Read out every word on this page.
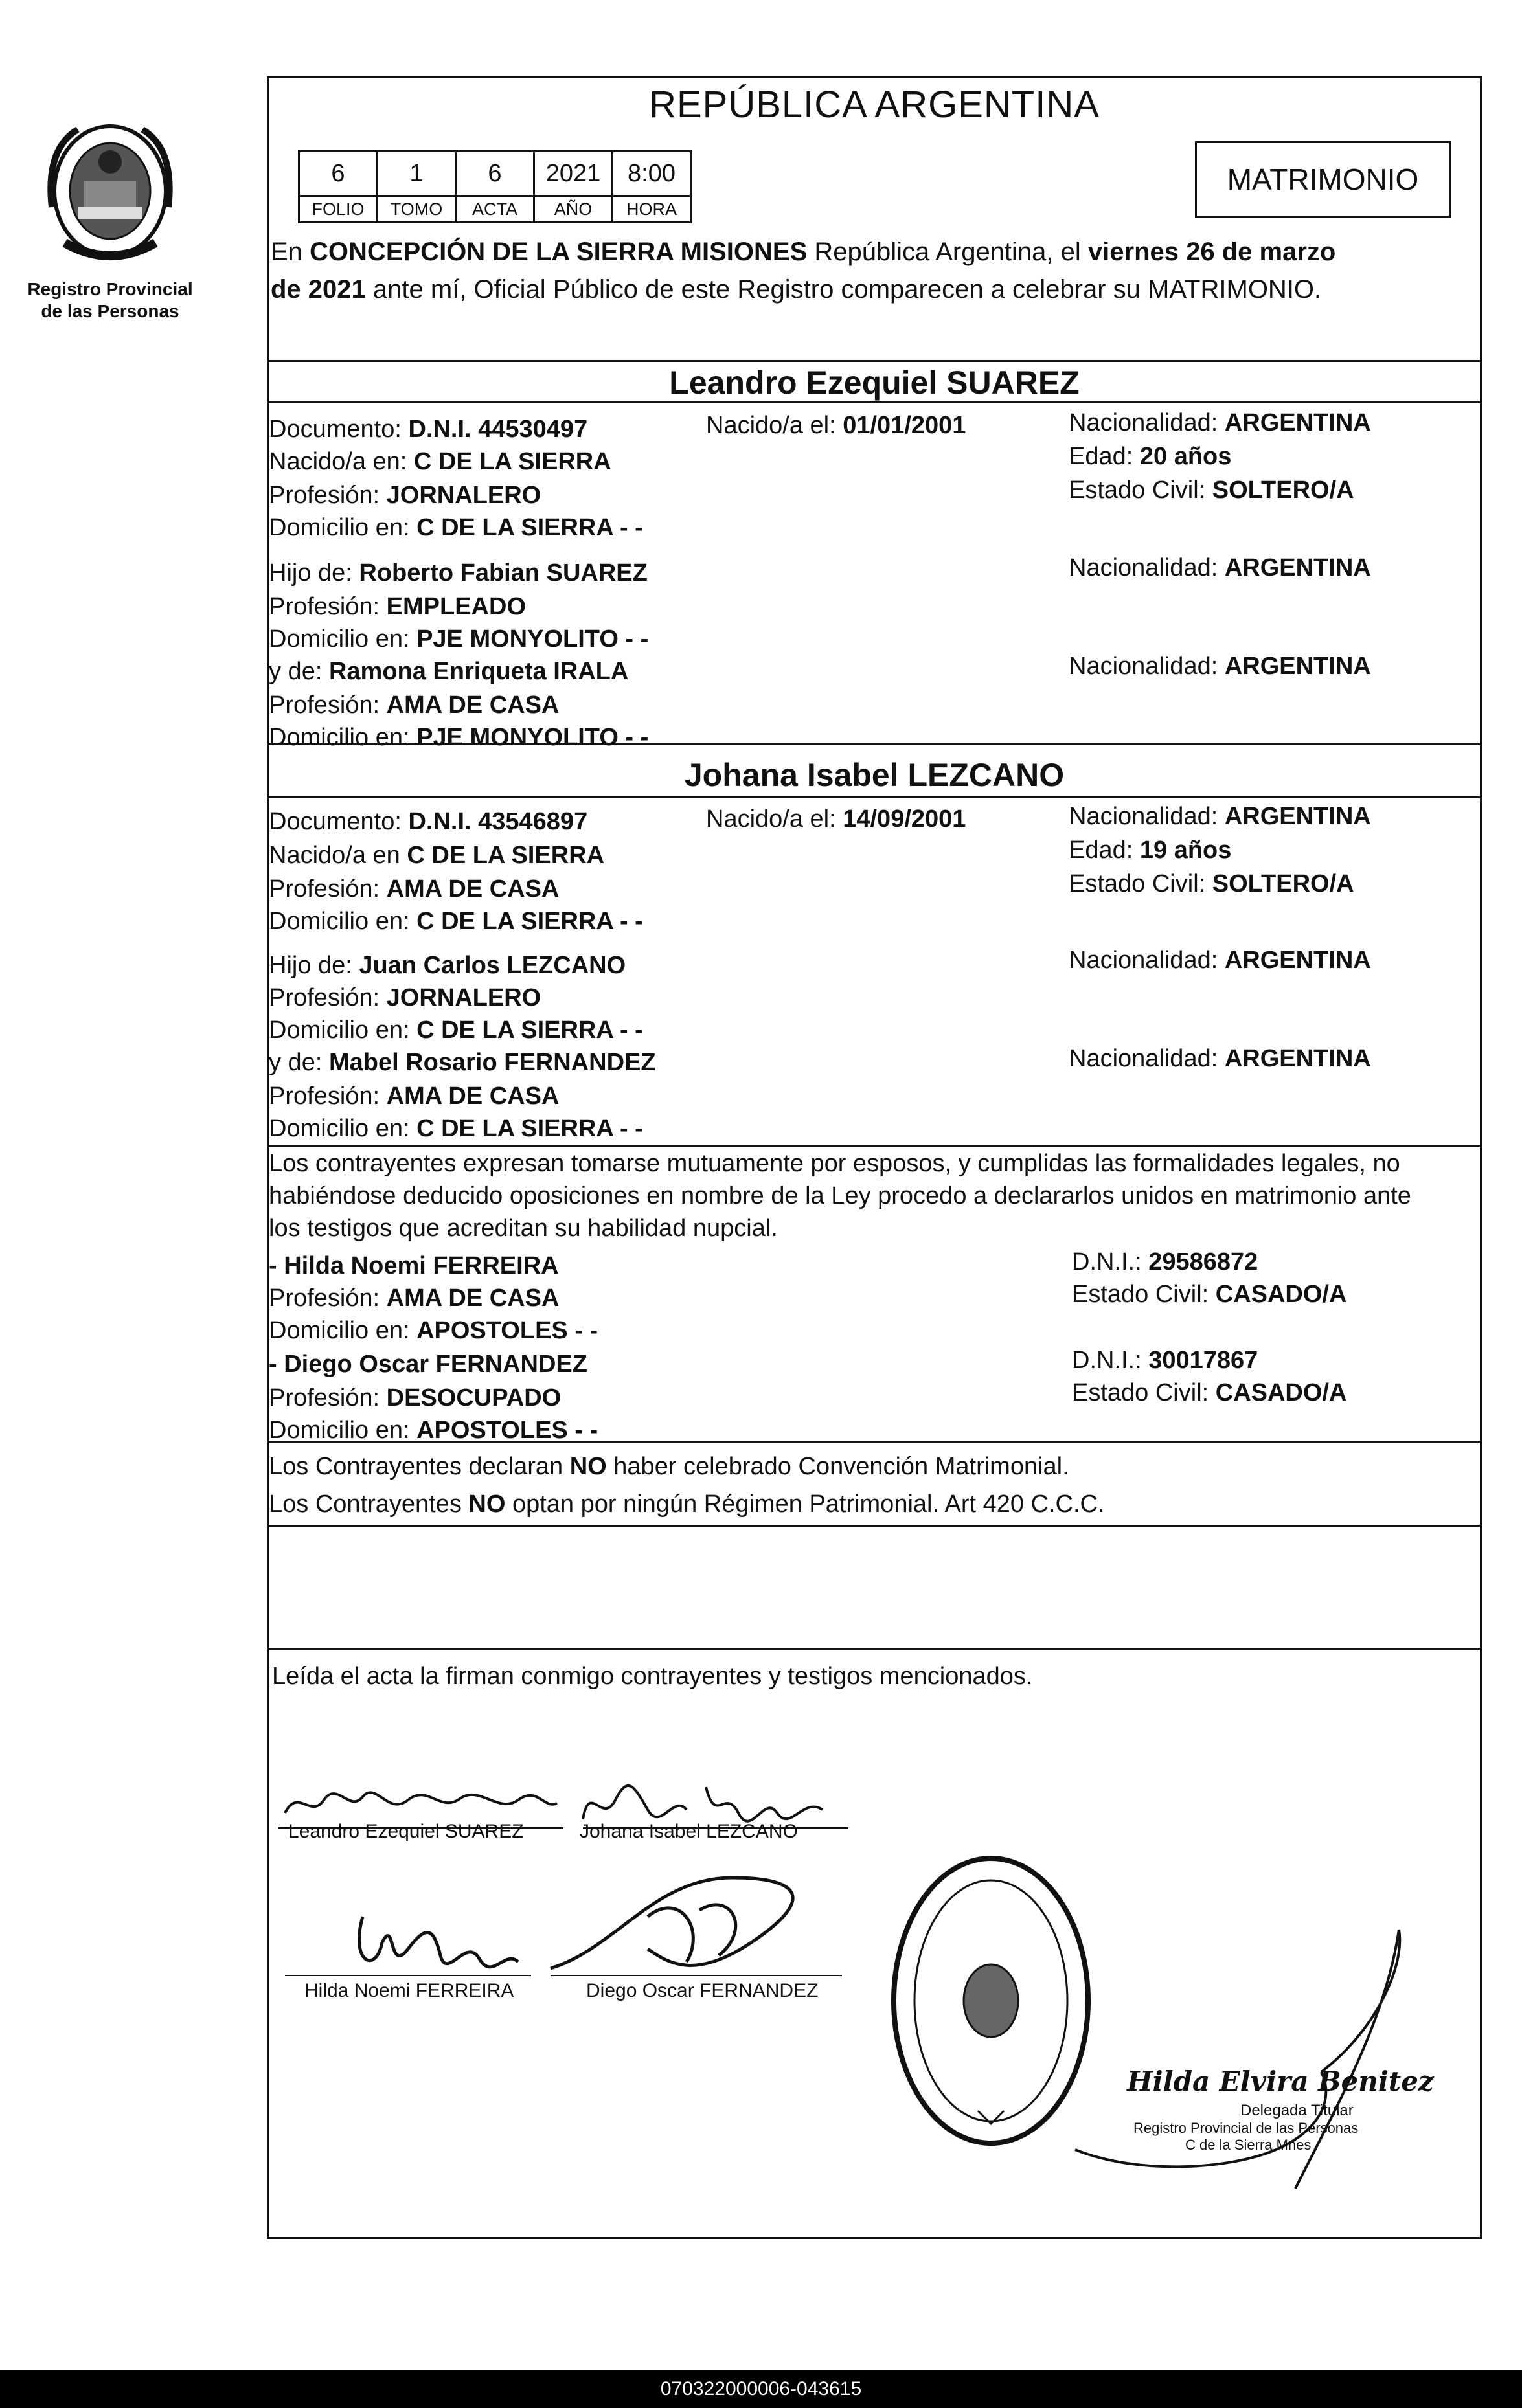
Registro Provincial
de las Personas
REPÚBLICA ARGENTINA
6	1	6	2021	8:00
FOLIO	TOMO	ACTA	AÑO	HORA
MATRIMONIO
En CONCEPCIÓN DE LA SIERRA MISIONES República Argentina, el viernes 26 de marzo
de 2021 ante mí, Oficial Público de este Registro comparecen a celebrar su MATRIMONIO.
Leandro Ezequiel SUAREZ
Documento: D.N.I. 44530497	Nacido/a el: 01/01/2001	Nacionalidad: ARGENTINA
Nacido/a en: C DE LA SIERRA	Edad: 20 años
Profesión: JORNALERO	Estado Civil: SOLTERO/A
Domicilio en: C DE LA SIERRA - -
Hijo de: Roberto Fabian SUAREZ	Nacionalidad: ARGENTINA
Profesión: EMPLEADO
Domicilio en: PJE MONYOLITO - -
y de: Ramona Enriqueta IRALA	Nacionalidad: ARGENTINA
Profesión: AMA DE CASA
Domicilio en: PJE MONYOLITO - -
Johana Isabel LEZCANO
Documento: D.N.I. 43546897	Nacido/a el: 14/09/2001	Nacionalidad: ARGENTINA
Nacido/a en C DE LA SIERRA	Edad: 19 años
Profesión: AMA DE CASA	Estado Civil: SOLTERO/A
Domicilio en: C DE LA SIERRA - -
Hijo de: Juan Carlos LEZCANO	Nacionalidad: ARGENTINA
Profesión: JORNALERO
Domicilio en: C DE LA SIERRA - -
y de: Mabel Rosario FERNANDEZ	Nacionalidad: ARGENTINA
Profesión: AMA DE CASA
Domicilio en: C DE LA SIERRA - -
Los contrayentes expresan tomarse mutuamente por esposos, y cumplidas las formalidades legales, no
habiéndose deducido oposiciones en nombre de la Ley procedo a declararlos unidos en matrimonio ante
los testigos que acreditan su habilidad nupcial.
- Hilda Noemi FERREIRA	D.N.I.: 29586872
Profesión: AMA DE CASA	Estado Civil: CASADO/A
Domicilio en: APOSTOLES - -
- Diego Oscar FERNANDEZ	D.N.I.: 30017867
Profesión: DESOCUPADO	Estado Civil: CASADO/A
Domicilio en: APOSTOLES - -
Los Contrayentes declaran NO haber celebrado Convención Matrimonial.
Los Contrayentes NO optan por ningún Régimen Patrimonial. Art 420 C.C.C.
Leída el acta la firman conmigo contrayentes y testigos mencionados.
Leandro Ezequiel SUAREZ	Johana Isabel LEZCANO
Hilda Noemi FERREIRA	Diego Oscar FERNANDEZ
Hilda Elvira Benitez
Delegada Titular
Registro Provincial de las Personas
C de la Sierra Mnes
070322000006-043615
